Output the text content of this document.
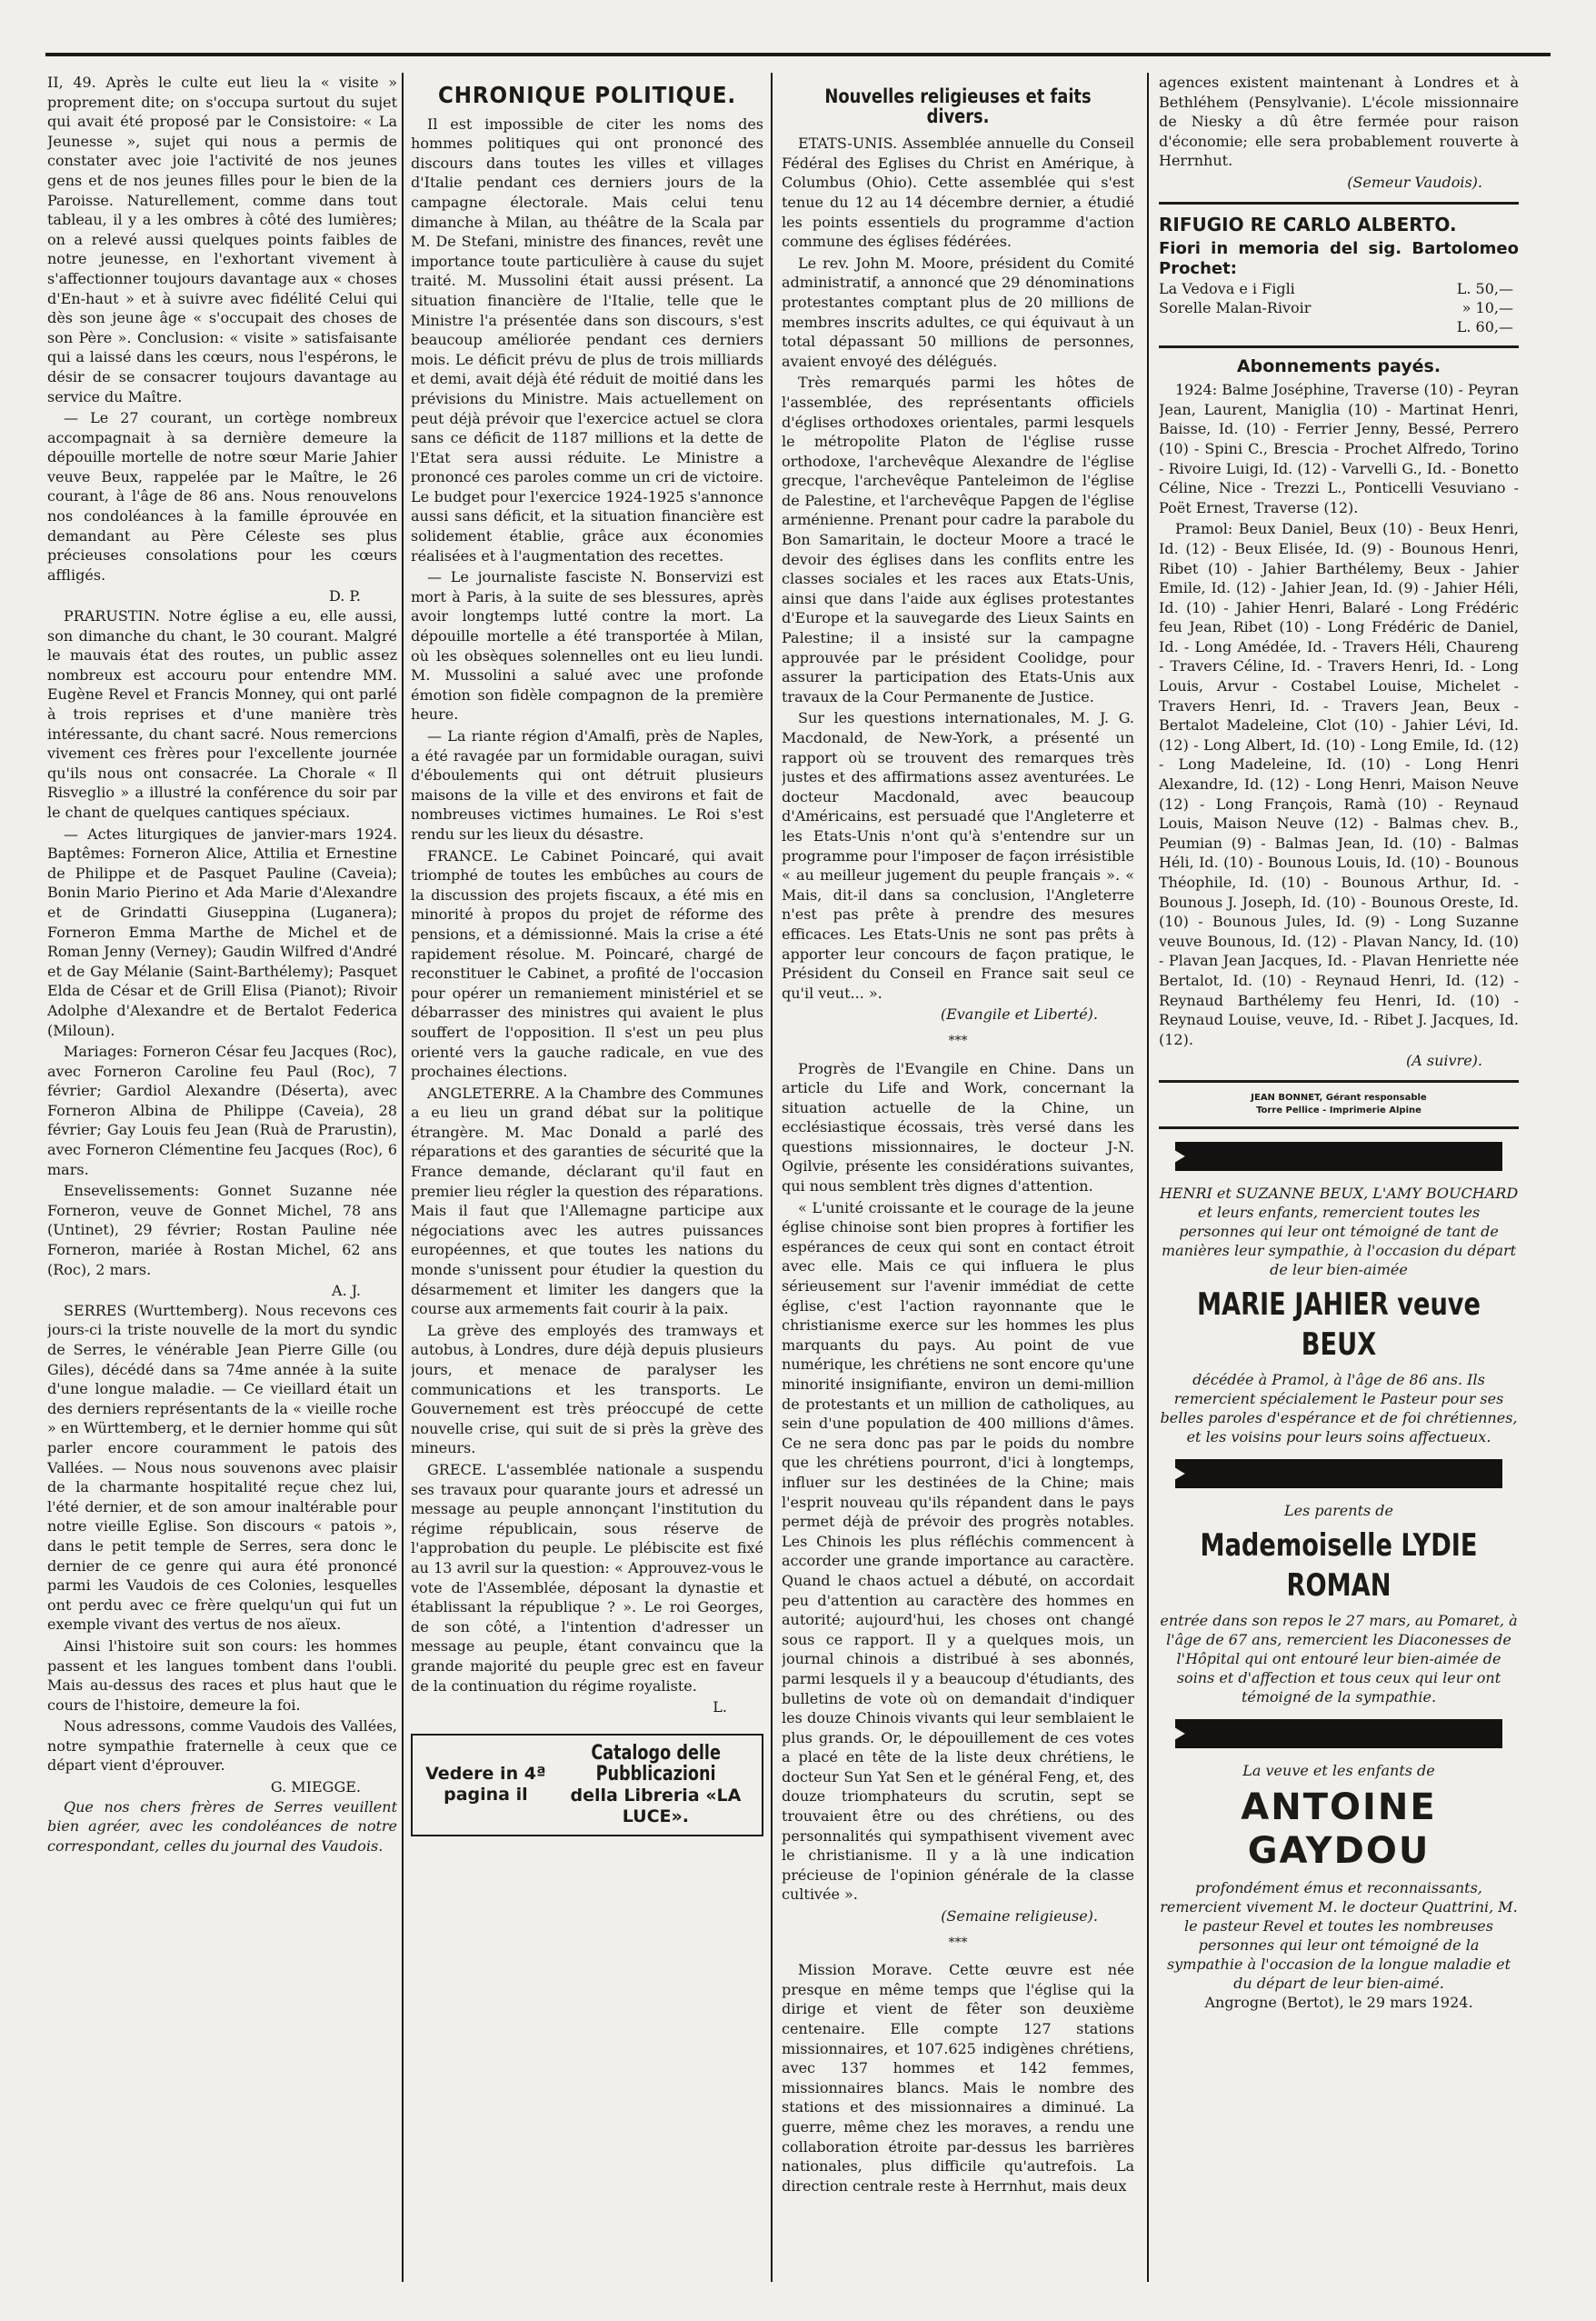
II, 49. Après le culte eut lieu la « visite » proprement dite; on s'occupa surtout du sujet qui avait été proposé par le Consistoire: « La Jeunesse », sujet qui nous a permis de constater avec joie l'activité de nos jeunes gens et de nos jeunes filles pour le bien de la Paroisse. Naturellement, comme dans tout tableau, il y a les ombres à côté des lumières; on a relevé aussi quelques points faibles de notre jeunesse, en l'exhortant vivement à s'affectionner toujours davantage aux « choses d'En-haut » et à suivre avec fidélité Celui qui dès son jeune âge « s'occupait des choses de son Père ». Conclusion: « visite » satisfaisante qui a laissé dans les cœurs, nous l'espérons, le désir de se consacrer toujours davantage au service du Maître.

— Le 27 courant, un cortège nombreux accompagnait à sa dernière demeure la dépouille mortelle de notre sœur Marie Jahier veuve Beux, rappelée par le Maître, le 26 courant, à l'âge de 86 ans. Nous renouvelons nos condoléances à la famille éprouvée en demandant au Père Céleste ses plus précieuses consolations pour les cœurs affligés.

D. P.

PRARUSTIN. Notre église a eu, elle aussi, son dimanche du chant, le 30 courant. Malgré le mauvais état des routes, un public assez nombreux est accouru pour entendre MM. Eugène Revel et Francis Monney, qui ont parlé à trois reprises et d'une manière très intéressante, du chant sacré. Nous remercions vivement ces frères pour l'excellente journée qu'ils nous ont consacrée. La Chorale « Il Risveglio » a illustré la conférence du soir par le chant de quelques cantiques spéciaux.

— Actes liturgiques de janvier-mars 1924. Baptêmes: Forneron Alice, Attilia et Ernestine de Philippe et de Pasquet Pauline (Caveia); Bonin Mario Pierino et Ada Marie d'Alexandre et de Grindatti Giuseppina (Luganera); Forneron Emma Marthe de Michel et de Roman Jenny (Verney); Gaudin Wilfred d'André et de Gay Mélanie (Saint-Barthélemy); Pasquet Elda de César et de Grill Elisa (Pianot); Rivoir Adolphe d'Alexandre et de Bertalot Federica (Miloun).

Mariages: Forneron César feu Jacques (Roc), avec Forneron Caroline feu Paul (Roc), 7 février; Gardiol Alexandre (Déserta), avec Forneron Albina de Philippe (Caveia), 28 février; Gay Louis feu Jean (Ruà de Prarustin), avec Forneron Clémentine feu Jacques (Roc), 6 mars.

Ensevelissements: Gonnet Suzanne née Forneron, veuve de Gonnet Michel, 78 ans (Untinet), 29 février; Rostan Pauline née Forneron, mariée à Rostan Michel, 62 ans (Roc), 2 mars.

A. J.

SERRES (Wurttemberg). Nous recevons ces jours-ci la triste nouvelle de la mort du syndic de Serres, le vénérable Jean Pierre Gille (ou Giles), décédé dans sa 74me année à la suite d'une longue maladie. — Ce vieillard était un des derniers représentants de la « vieille roche » en Württemberg, et le dernier homme qui sût parler encore couramment le patois des Vallées. — Nous nous souvenons avec plaisir de la charmante hospitalité reçue chez lui, l'été dernier, et de son amour inaltérable pour notre vieille Eglise. Son discours « patois », dans le petit temple de Serres, sera donc le dernier de ce genre qui aura été prononcé parmi les Vaudois de ces Colonies, lesquelles ont perdu avec ce frère quelqu'un qui fut un exemple vivant des vertus de nos aïeux.

Ainsi l'histoire suit son cours: les hommes passent et les langues tombent dans l'oubli. Mais au-dessus des races et plus haut que le cours de l'histoire, demeure la foi.

Nous adressons, comme Vaudois des Vallées, notre sympathie fraternelle à ceux que ce départ vient d'éprouver.

G. MIEGGE.

Que nos chers frères de Serres veuillent bien agréer, avec les condoléances de notre correspondant, celles du journal des Vaudois.

CHRONIQUE POLITIQUE.

Il est impossible de citer les noms des hommes politiques qui ont prononcé des discours dans toutes les villes et villages d'Italie pendant ces derniers jours de la campagne électorale. Mais celui tenu dimanche à Milan, au théâtre de la Scala par M. De Stefani, ministre des finances, revêt une importance toute particulière à cause du sujet traité. M. Mussolini était aussi présent. La situation financière de l'Italie, telle que le Ministre l'a présentée dans son discours, s'est beaucoup améliorée pendant ces derniers mois. Le déficit prévu de plus de trois milliards et demi, avait déjà été réduit de moitié dans les prévisions du Ministre. Mais actuellement on peut déjà prévoir que l'exercice actuel se clora sans ce déficit de 1187 millions et la dette de l'Etat sera aussi réduite. Le Ministre a prononcé ces paroles comme un cri de victoire. Le budget pour l'exercice 1924-1925 s'annonce aussi sans déficit, et la situation financière est solidement établie, grâce aux économies réalisées et à l'augmentation des recettes.

— Le journaliste fasciste N. Bonservizi est mort à Paris, à la suite de ses blessures, après avoir longtemps lutté contre la mort. La dépouille mortelle a été transportée à Milan, où les obsèques solennelles ont eu lieu lundi. M. Mussolini a salué avec une profonde émotion son fidèle compagnon de la première heure.

— La riante région d'Amalfi, près de Naples, a été ravagée par un formidable ouragan, suivi d'éboulements qui ont détruit plusieurs maisons de la ville et des environs et fait de nombreuses victimes humaines. Le Roi s'est rendu sur les lieux du désastre.

FRANCE. Le Cabinet Poincaré, qui avait triomphé de toutes les embûches au cours de la discussion des projets fiscaux, a été mis en minorité à propos du projet de réforme des pensions, et a démissionné. Mais la crise a été rapidement résolue. M. Poincaré, chargé de reconstituer le Cabinet, a profité de l'occasion pour opérer un remaniement ministériel et se débarrasser des ministres qui avaient le plus souffert de l'opposition. Il s'est un peu plus orienté vers la gauche radicale, en vue des prochaines élections.

ANGLETERRE. A la Chambre des Communes a eu lieu un grand débat sur la politique étrangère. M. Mac Donald a parlé des réparations et des garanties de sécurité que la France demande, déclarant qu'il faut en premier lieu régler la question des réparations. Mais il faut que l'Allemagne participe aux négociations avec les autres puissances européennes, et que toutes les nations du monde s'unissent pour étudier la question du désarmement et limiter les dangers que la course aux armements fait courir à la paix.

La grève des employés des tramways et autobus, à Londres, dure déjà depuis plusieurs jours, et menace de paralyser les communications et les transports. Le Gouvernement est très préoccupé de cette nouvelle crise, qui suit de si près la grève des mineurs.

GRECE. L'assemblée nationale a suspendu ses travaux pour quarante jours et adressé un message au peuple annonçant l'institution du régime républicain, sous réserve de l'approbation du peuple. Le plébiscite est fixé au 13 avril sur la question: « Approuvez-vous le vote de l'Assemblée, déposant la dynastie et établissant la république ? ». Le roi Georges, de son côté, a l'intention d'adresser un message au peuple, étant convaincu que la grande majorité du peuple grec est en faveur de la continuation du régime royaliste.

L.
Vedere in 4ª pagina il
Catalogo delle Pubblicazioni
della Libreria «LA LUCE».
Nouvelles religieuses et faits divers.

ETATS-UNIS. Assemblée annuelle du Conseil Fédéral des Eglises du Christ en Amérique, à Columbus (Ohio). Cette assemblée qui s'est tenue du 12 au 14 décembre dernier, a étudié les points essentiels du programme d'action commune des églises fédérées.

Le rev. John M. Moore, président du Comité administratif, a annoncé que 29 dénominations protestantes comptant plus de 20 millions de membres inscrits adultes, ce qui équivaut à un total dépassant 50 millions de personnes, avaient envoyé des délégués.

Très remarqués parmi les hôtes de l'assemblée, des représentants officiels d'églises orthodoxes orientales, parmi lesquels le métropolite Platon de l'église russe orthodoxe, l'archevêque Alexandre de l'église grecque, l'archevêque Panteleimon de l'église de Palestine, et l'archevêque Papgen de l'église arménienne. Prenant pour cadre la parabole du Bon Samaritain, le docteur Moore a tracé le devoir des églises dans les conflits entre les classes sociales et les races aux Etats-Unis, ainsi que dans l'aide aux églises protestantes d'Europe et la sauvegarde des Lieux Saints en Palestine; il a insisté sur la campagne approuvée par le président Coolidge, pour assurer la participation des Etats-Unis aux travaux de la Cour Permanente de Justice.

Sur les questions internationales, M. J. G. Macdonald, de New-York, a présenté un rapport où se trouvent des remarques très justes et des affirmations assez aventurées. Le docteur Macdonald, avec beaucoup d'Américains, est persuadé que l'Angleterre et les Etats-Unis n'ont qu'à s'entendre sur un programme pour l'imposer de façon irrésistible « au meilleur jugement du peuple français ». « Mais, dit-il dans sa conclusion, l'Angleterre n'est pas prête à prendre des mesures efficaces. Les Etats-Unis ne sont pas prêts à apporter leur concours de façon pratique, le Président du Conseil en France sait seul ce qu'il veut... ».

(Evangile et Liberté).
***

Progrès de l'Evangile en Chine. Dans un article du Life and Work, concernant la situation actuelle de la Chine, un ecclésiastique écossais, très versé dans les questions missionnaires, le docteur J-N. Ogilvie, présente les considérations suivantes, qui nous semblent très dignes d'attention.

« L'unité croissante et le courage de la jeune église chinoise sont bien propres à fortifier les espérances de ceux qui sont en contact étroit avec elle. Mais ce qui influera le plus sérieusement sur l'avenir immédiat de cette église, c'est l'action rayonnante que le christianisme exerce sur les hommes les plus marquants du pays. Au point de vue numérique, les chrétiens ne sont encore qu'une minorité insignifiante, environ un demi-million de protestants et un million de catholiques, au sein d'une population de 400 millions d'âmes. Ce ne sera donc pas par le poids du nombre que les chrétiens pourront, d'ici à longtemps, influer sur les destinées de la Chine; mais l'esprit nouveau qu'ils répandent dans le pays permet déjà de prévoir des progrès notables. Les Chinois les plus réfléchis commencent à accorder une grande importance au caractère. Quand le chaos actuel a débuté, on accordait peu d'attention au caractère des hommes en autorité; aujourd'hui, les choses ont changé sous ce rapport. Il y a quelques mois, un journal chinois a distribué à ses abonnés, parmi lesquels il y a beaucoup d'étudiants, des bulletins de vote où on demandait d'indiquer les douze Chinois vivants qui leur semblaient le plus grands. Or, le dépouillement de ces votes a placé en tête de la liste deux chrétiens, le docteur Sun Yat Sen et le général Feng, et, des douze triomphateurs du scrutin, sept se trouvaient être ou des chrétiens, ou des personnalités qui sympathisent vivement avec le christianisme. Il y a là une indication précieuse de l'opinion générale de la classe cultivée ».

(Semaine religieuse).
***

Mission Morave. Cette œuvre est née presque en même temps que l'église qui la dirige et vient de fêter son deuxième centenaire. Elle compte 127 stations missionnaires, et 107.625 indigènes chrétiens, avec 137 hommes et 142 femmes, missionnaires blancs. Mais le nombre des stations et des missionnaires a diminué. La guerre, même chez les moraves, a rendu une collaboration étroite par-dessus les barrières nationales, plus difficile qu'autrefois. La direction centrale reste à Herrnhut, mais deux

agences existent maintenant à Londres et à Bethléhem (Pensylvanie). L'école missionnaire de Niesky a dû être fermée pour raison d'économie; elle sera probablement rouverte à Herrnhut.

(Semeur Vaudois).
RIFUGIO RE CARLO ALBERTO.
Fiori in memoria del sig. Bartolomeo Prochet:
La Vedova e i Figli	L. 50,—
Sorelle Malan-Rivoir	» 10,—
L. 60,—
Abonnements payés.

1924: Balme Joséphine, Traverse (10) - Peyran Jean, Laurent, Maniglia (10) - Martinat Henri, Baisse, Id. (10) - Ferrier Jenny, Bessé, Perrero (10) - Spini C., Brescia - Prochet Alfredo, Torino - Rivoire Luigi, Id. (12) - Varvelli G., Id. - Bonetto Céline, Nice - Trezzi L., Ponticelli Vesuviano - Poët Ernest, Traverse (12).

Pramol: Beux Daniel, Beux (10) - Beux Henri, Id. (12) - Beux Elisée, Id. (9) - Bounous Henri, Ribet (10) - Jahier Barthélemy, Beux - Jahier Emile, Id. (12) - Jahier Jean, Id. (9) - Jahier Héli, Id. (10) - Jahier Henri, Balaré - Long Frédéric feu Jean, Ribet (10) - Long Frédéric de Daniel, Id. - Long Amédée, Id. - Travers Héli, Chaureng - Travers Céline, Id. - Travers Henri, Id. - Long Louis, Arvur - Costabel Louise, Michelet - Travers Henri, Id. - Travers Jean, Beux - Bertalot Madeleine, Clot (10) - Jahier Lévi, Id. (12) - Long Albert, Id. (10) - Long Emile, Id. (12) - Long Madeleine, Id. (10) - Long Henri Alexandre, Id. (12) - Long Henri, Maison Neuve (12) - Long François, Ramà (10) - Reynaud Louis, Maison Neuve (12) - Balmas chev. B., Peumian (9) - Balmas Jean, Id. (10) - Balmas Héli, Id. (10) - Bounous Louis, Id. (10) - Bounous Théophile, Id. (10) - Bounous Arthur, Id. - Bounous J. Joseph, Id. (10) - Bounous Oreste, Id. (10) - Bounous Jules, Id. (9) - Long Suzanne veuve Bounous, Id. (12) - Plavan Nancy, Id. (10) - Plavan Jean Jacques, Id. - Plavan Henriette née Bertalot, Id. (10) - Reynaud Henri, Id. (12) - Reynaud Barthélemy feu Henri, Id. (10) - Reynaud Louise, veuve, Id. - Ribet J. Jacques, Id. (12).

(A suivre).
JEAN BONNET, Gérant responsable
Torre Pellice - Imprimerie Alpine
HENRI et SUZANNE BEUX, L'AMY BOUCHARD et leurs enfants, remercient toutes les personnes qui leur ont témoigné de tant de manières leur sympathie, à l'occasion du départ de leur bien-aimée
MARIE JAHIER veuve BEUX
décédée à Pramol, à l'âge de 86 ans. Ils remercient spécialement le Pasteur pour ses belles paroles d'espérance et de foi chrétiennes, et les voisins pour leurs soins affectueux.
Les parents de
Mademoiselle LYDIE ROMAN
entrée dans son repos le 27 mars, au Pomaret, à l'âge de 67 ans, remercient les Diaconesses de l'Hôpital qui ont entouré leur bien-aimée de soins et d'affection et tous ceux qui leur ont témoigné de la sympathie.
La veuve et les enfants de
ANTOINE GAYDOU
profondément émus et reconnaissants, remercient vivement M. le docteur Quattrini, M. le pasteur Revel et toutes les nombreuses personnes qui leur ont témoigné de la sympathie à l'occasion de la longue maladie et du départ de leur bien-aimé.
Angrogne (Bertot), le 29 mars 1924.
